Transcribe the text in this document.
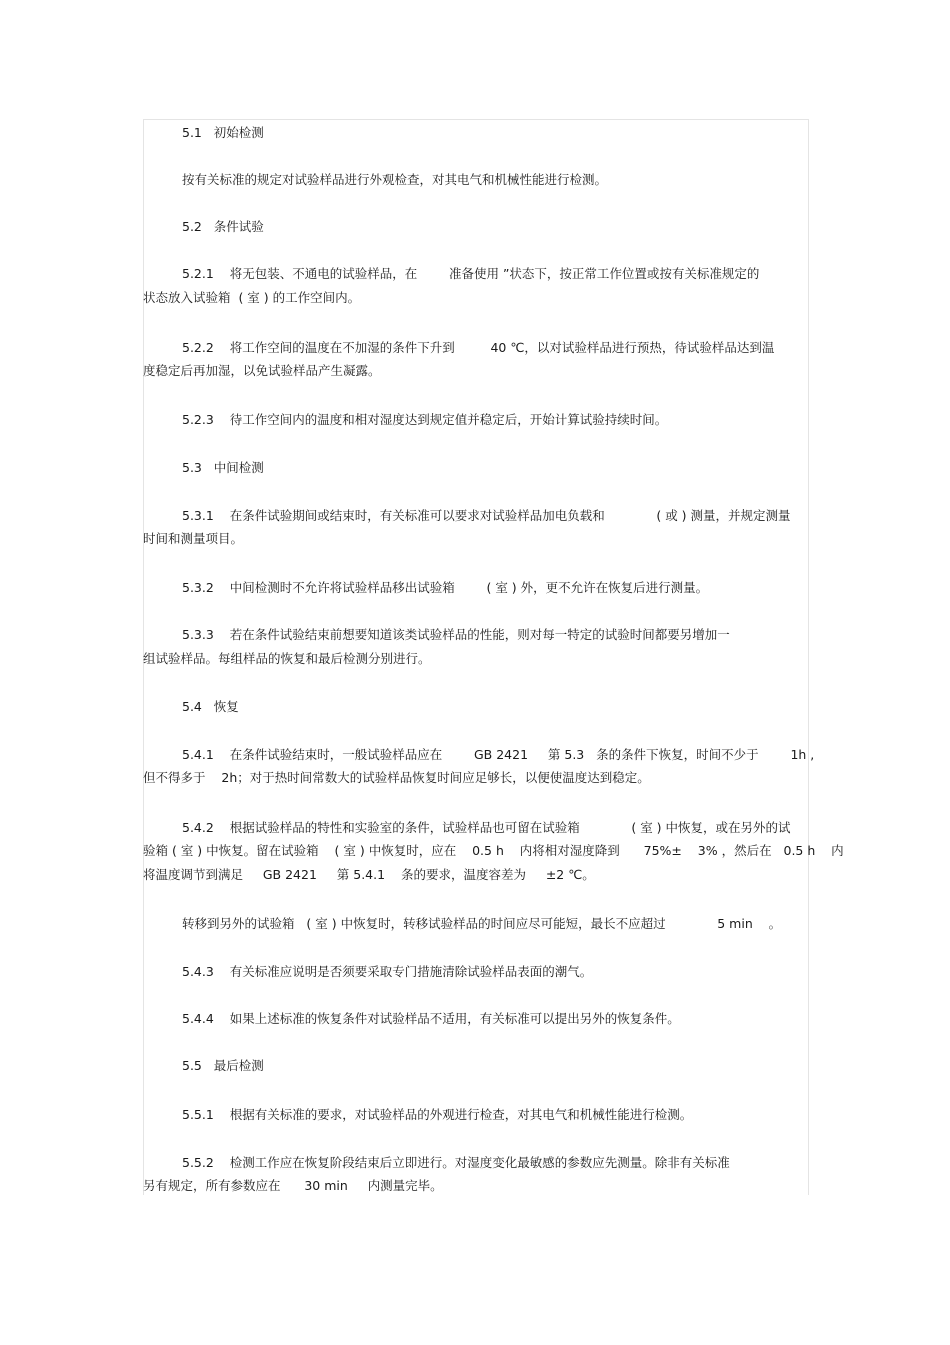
5.1   初始检测
按有关标准的规定对试验样品进行外观检查，对其电气和机械性能进行检测。
5.2   条件试验
5.2.1    将无包装、不通电的试验样品，在        准备使用 ”状态下，按正常工作位置或按有关标准规定的
状态放入试验箱  ( 室 ) 的工作空间内。
5.2.2    将工作空间的温度在不加湿的条件下升到         40 ℃，以对试验样品进行预热，待试验样品达到温
度稳定后再加湿，以免试验样品产生凝露。
5.2.3    待工作空间内的温度和相对湿度达到规定值并稳定后，开始计算试验持续时间。
5.3   中间检测
5.3.1    在条件试验期间或结束时，有关标准可以要求对试验样品加电负载和             ( 或 ) 测量，并规定测量
时间和测量项目。
5.3.2    中间检测时不允许将试验样品移出试验箱        ( 室 ) 外，更不允许在恢复后进行测量。
5.3.3    若在条件试验结束前想要知道该类试验样品的性能，则对每一特定的试验时间都要另增加一
组试验样品。每组样品的恢复和最后检测分别进行。
5.4   恢复
5.4.1    在条件试验结束时，一般试验样品应在        GB 2421     第 5.3   条的条件下恢复，时间不少于        1h ,
但不得多于    2h；对于热时间常数大的试验样品恢复时间应足够长，以便使温度达到稳定。
5.4.2    根据试验样品的特性和实验室的条件，试验样品也可留在试验箱             ( 室 ) 中恢复，或在另外的试
验箱 ( 室 ) 中恢复。留在试验箱    ( 室 ) 中恢复时，应在    0.5 h    内将相对湿度降到      75%±    3% ，然后在   0.5 h    内
将温度调节到满足     GB 2421     第 5.4.1    条的要求，温度容差为     ±2 ℃。
转移到另外的试验箱   ( 室 ) 中恢复时，转移试验样品的时间应尽可能短，最长不应超过             5 min    。
5.4.3    有关标准应说明是否须要采取专门措施清除试验样品表面的潮气。
5.4.4    如果上述标准的恢复条件对试验样品不适用，有关标准可以提出另外的恢复条件。
5.5   最后检测
5.5.1    根据有关标准的要求，对试验样品的外观进行检查，对其电气和机械性能进行检测。
5.5.2    检测工作应在恢复阶段结束后立即进行。对湿度变化最敏感的参数应先测量。除非有关标准
另有规定，所有参数应在      30 min     内测量完毕。
